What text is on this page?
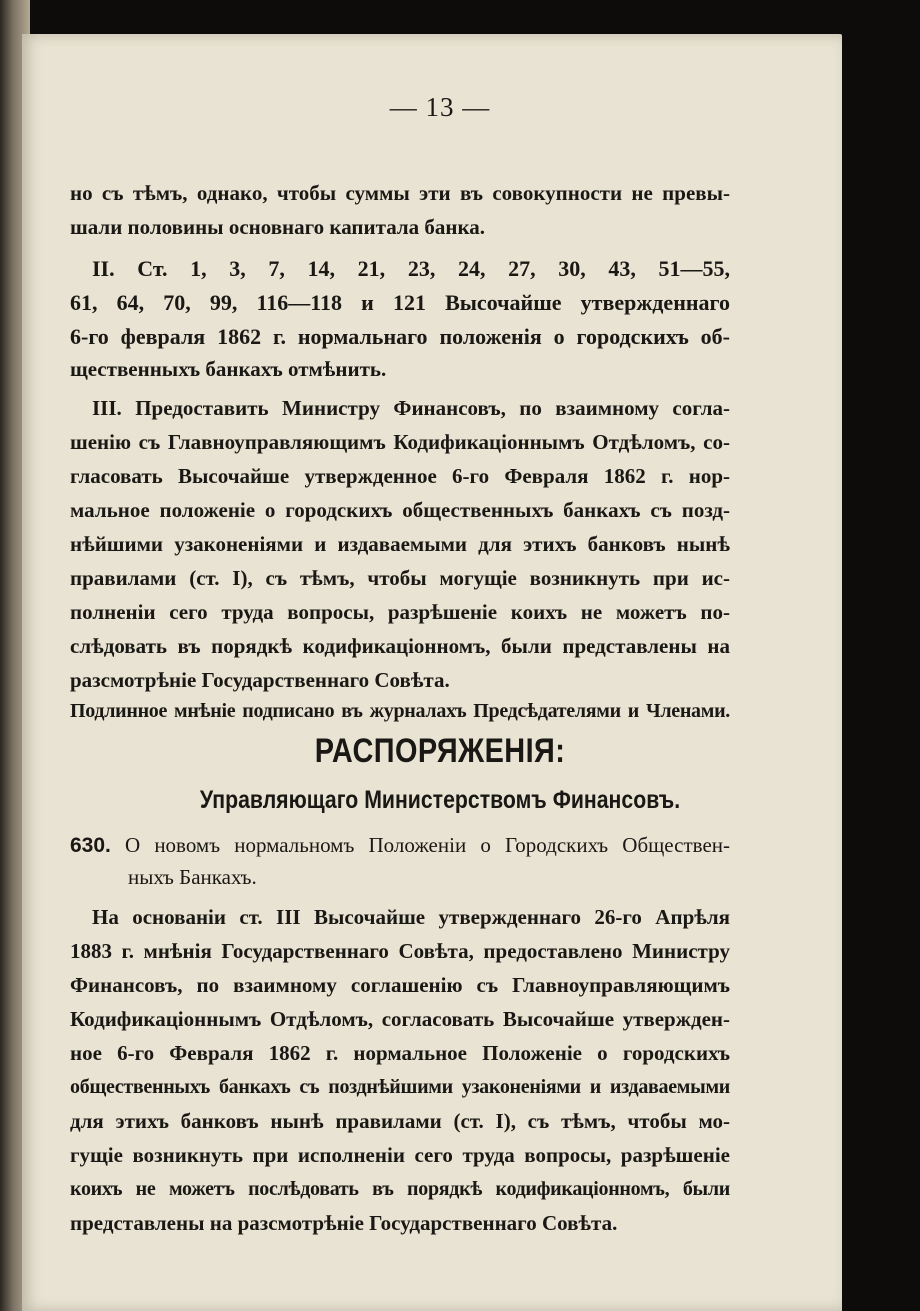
— 13 —
но съ тѣмъ, однако, чтобы суммы эти въ совокупности не превы-
шали половины основнаго капитала банка.
II. Ст. 1, 3, 7, 14, 21, 23, 24, 27, 30, 43, 51—55,
61, 64, 70, 99, 116—118 и 121 Высочайше утвержденнаго
6-го февраля 1862 г. нормальнаго положенія о городскихъ об-
щественныхъ банкахъ отмѣнить.
III. Предоставить Министру Финансовъ, по взаимному согла-
шенію съ Главноуправляющимъ Кодификаціоннымъ Отдѣломъ, со-
гласовать Высочайше утвержденное 6-го Февраля 1862 г. нор-
мальное положеніе о городскихъ общественныхъ банкахъ съ позд-
нѣйшими узаконеніями и издаваемыми для этихъ банковъ нынѣ
правилами (ст. I), съ тѣмъ, чтобы могущіе возникнуть при ис-
полненіи сего труда вопросы, разрѣшеніе коихъ не можетъ по-
слѣдовать въ порядкѣ кодификаціонномъ, были представлены на
разсмотрѣніе Государственнаго Совѣта.
Подлинное мнѣніе подписано въ журналахъ Предсѣдателями и Членами.
РАСПОРЯЖЕНІЯ:
Управляющаго Министерствомъ Финансовъ.
630. О новомъ нормальномъ Положеніи о Городскихъ Обществен-
ныхъ Банкахъ.
На основаніи ст. III Высочайше утвержденнаго 26-го Апрѣля
1883 г. мнѣнія Государственнаго Совѣта, предоставлено Министру
Финансовъ, по взаимному соглашенію съ Главноуправляющимъ
Кодификаціоннымъ Отдѣломъ, согласовать Высочайше утвержден-
ное 6-го Февраля 1862 г. нормальное Положеніе о городскихъ
общественныхъ банкахъ съ позднѣйшими узаконеніями и издаваемыми
для этихъ банковъ нынѣ правилами (ст. I), съ тѣмъ, чтобы мо-
гущіе возникнуть при исполненіи сего труда вопросы, разрѣшеніе
коихъ не можетъ послѣдовать въ порядкѣ кодификаціонномъ, были
представлены на разсмотрѣніе Государственнаго Совѣта.
